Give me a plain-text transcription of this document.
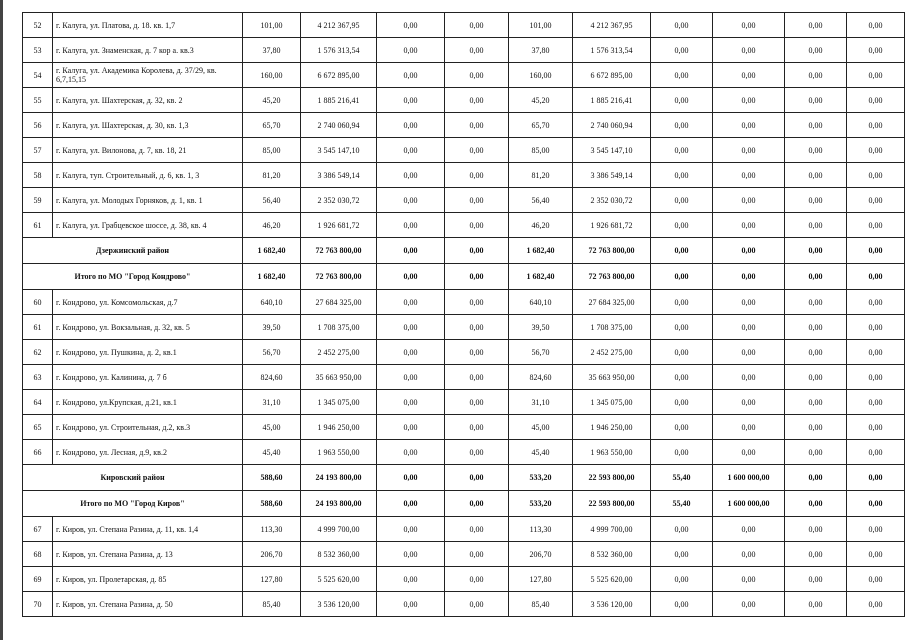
52	г. Калуга, ул. Платова, д. 18. кв. 1,7	101,00	4 212 367,95	0,00	0,00	101,00	4 212 367,95	0,00	0,00	0,00	0,00
53	г. Калуга, ул. Знаменская, д. 7 кор а. кв.3	37,80	1 576 313,54	0,00	0,00	37,80	1 576 313,54	0,00	0,00	0,00	0,00
54	г. Калуга, ул. Академика Королева, д. 37/29, кв. 6,7,15,15	160,00	6 672 895,00	0,00	0,00	160,00	6 672 895,00	0,00	0,00	0,00	0,00
55	г. Калуга, ул. Шахтерская, д. 32, кв. 2	45,20	1 885 216,41	0,00	0,00	45,20	1 885 216,41	0,00	0,00	0,00	0,00
56	г. Калуга, ул. Шахтерская, д. 30, кв. 1,3	65,70	2 740 060,94	0,00	0,00	65,70	2 740 060,94	0,00	0,00	0,00	0,00
57	г. Калуга, ул. Вилонова, д. 7, кв. 18, 21	85,00	3 545 147,10	0,00	0,00	85,00	3 545 147,10	0,00	0,00	0,00	0,00
58	г. Калуга, туп. Строительный, д. 6, кв. 1, 3	81,20	3 386 549,14	0,00	0,00	81,20	3 386 549,14	0,00	0,00	0,00	0,00
59	г. Калуга, ул. Молодых Горняков, д. 1, кв. 1	56,40	2 352 030,72	0,00	0,00	56,40	2 352 030,72	0,00	0,00	0,00	0,00
61	г. Калуга, ул. Грабцевское шоссе, д. 38, кв. 4	46,20	1 926 681,72	0,00	0,00	46,20	1 926 681,72	0,00	0,00	0,00	0,00
Дзержинский район		1 682,40	72 763 800,00	0,00	0,00	1 682,40	72 763 800,00	0,00	0,00	0,00	0,00
Итого по МО "Город Кондрово"		1 682,40	72 763 800,00	0,00	0,00	1 682,40	72 763 800,00	0,00	0,00	0,00	0,00
60	г. Кондрово, ул. Комсомольская, д.7	640,10	27 684 325,00	0,00	0,00	640,10	27 684 325,00	0,00	0,00	0,00	0,00
61	г. Кондрово, ул. Вокзальная, д. 32, кв. 5	39,50	1 708 375,00	0,00	0,00	39,50	1 708 375,00	0,00	0,00	0,00	0,00
62	г. Кондрово, ул. Пушкина, д. 2, кв.1	56,70	2 452 275,00	0,00	0,00	56,70	2 452 275,00	0,00	0,00	0,00	0,00
63	г. Кондрово, ул. Калинина, д. 7 б	824,60	35 663 950,00	0,00	0,00	824,60	35 663 950,00	0,00	0,00	0,00	0,00
64	г. Кондрово, ул.Крупская, д.21, кв.1	31,10	1 345 075,00	0,00	0,00	31,10	1 345 075,00	0,00	0,00	0,00	0,00
65	г. Кондрово, ул. Строительная, д.2, кв.3	45,00	1 946 250,00	0,00	0,00	45,00	1 946 250,00	0,00	0,00	0,00	0,00
66	г. Кондрово, ул. Лесная, д.9, кв.2	45,40	1 963 550,00	0,00	0,00	45,40	1 963 550,00	0,00	0,00	0,00	0,00
Кировский район		588,60	24 193 800,00	0,00	0,00	533,20	22 593 800,00	55,40	1 600 000,00	0,00	0,00
Итого по МО "Город Киров"		588,60	24 193 800,00	0,00	0,00	533,20	22 593 800,00	55,40	1 600 000,00	0,00	0,00
67	г. Киров, ул. Степана Разина, д. 11, кв. 1,4	113,30	4 999 700,00	0,00	0,00	113,30	4 999 700,00	0,00	0,00	0,00	0,00
68	г. Киров, ул. Степана Разина, д. 13	206,70	8 532 360,00	0,00	0,00	206,70	8 532 360,00	0,00	0,00	0,00	0,00
69	г. Киров, ул. Пролетарская, д. 85	127,80	5 525 620,00	0,00	0,00	127,80	5 525 620,00	0,00	0,00	0,00	0,00
70	г. Киров, ул. Степана Разина, д. 50	85,40	3 536 120,00	0,00	0,00	85,40	3 536 120,00	0,00	0,00	0,00	0,00
